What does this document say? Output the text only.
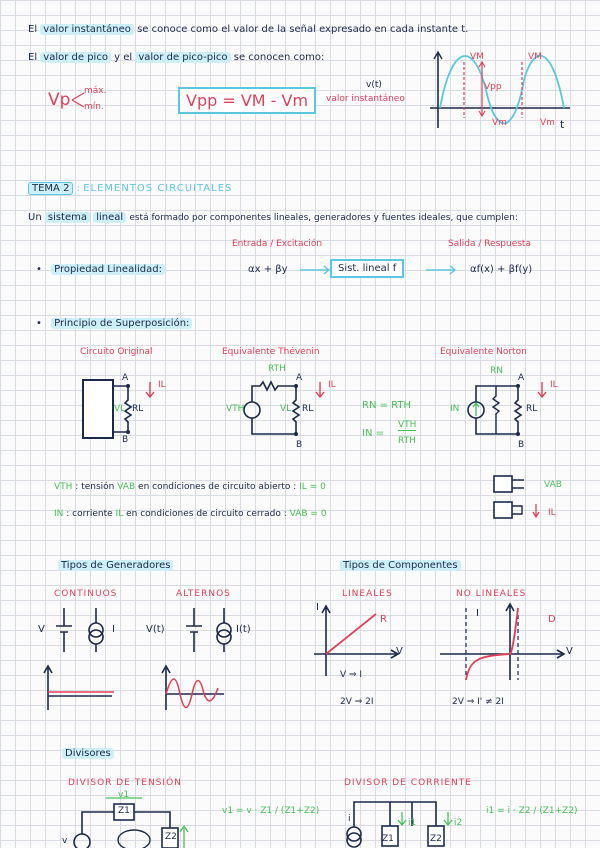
El valor instantáneo se conoce como el valor de la señal expresado en cada instante t.
El valor de pico y el valor de pico-pico se conocen como:
Vp máx.
mín.	Vpp = VM - Vm
v(t)
valor instantáneo
VM	VM
Vpp
Vm	Vm t
TEMA 2 : ELEMENTOS CIRCUITALES
Un sistema lineal está formado por componentes lineales, generadores y fuentes ideales, que cumplen:
Entrada / Excitación	Salida / Respuesta
• Propiedad Linealidad:	αx + βy	Sist. lineal f	αf(x) + βf(y)
• Principio de Superposición:
Circuito Original	Equivalente Thévenin	Equivalente Norton
A
B
IL
RL
VL
RTH
VTH
A
B
IL
RL
VL	RN = RTH
IN =
VTH
RTH
RN
IN
A
B
IL
RL
VTH : tensión VAB en condiciones de circuito abierto : IL = 0
IN : corriente IL en condiciones de circuito cerrado : VAB = 0
VAB
IL
Tipos de Generadores
CONTINUOS	ALTERNOS
V	I	V(t)	I(t)
Tipos de Componentes
LINEALES	NO LINEALES
I
V
R
I
V
D
V ⇒ I
2V ⇒ 2I	2V ⇒ I' ≠ 2I
Divisores
DIVISOR DE TENSIÓN	DIVISOR DE CORRIENTE
v1
Z1
Z2
v
v1 = v · Z1 / (Z1+Z2)
i1	i2
i
Z1	Z2
i1 = i · Z2 / (Z1+Z2)
